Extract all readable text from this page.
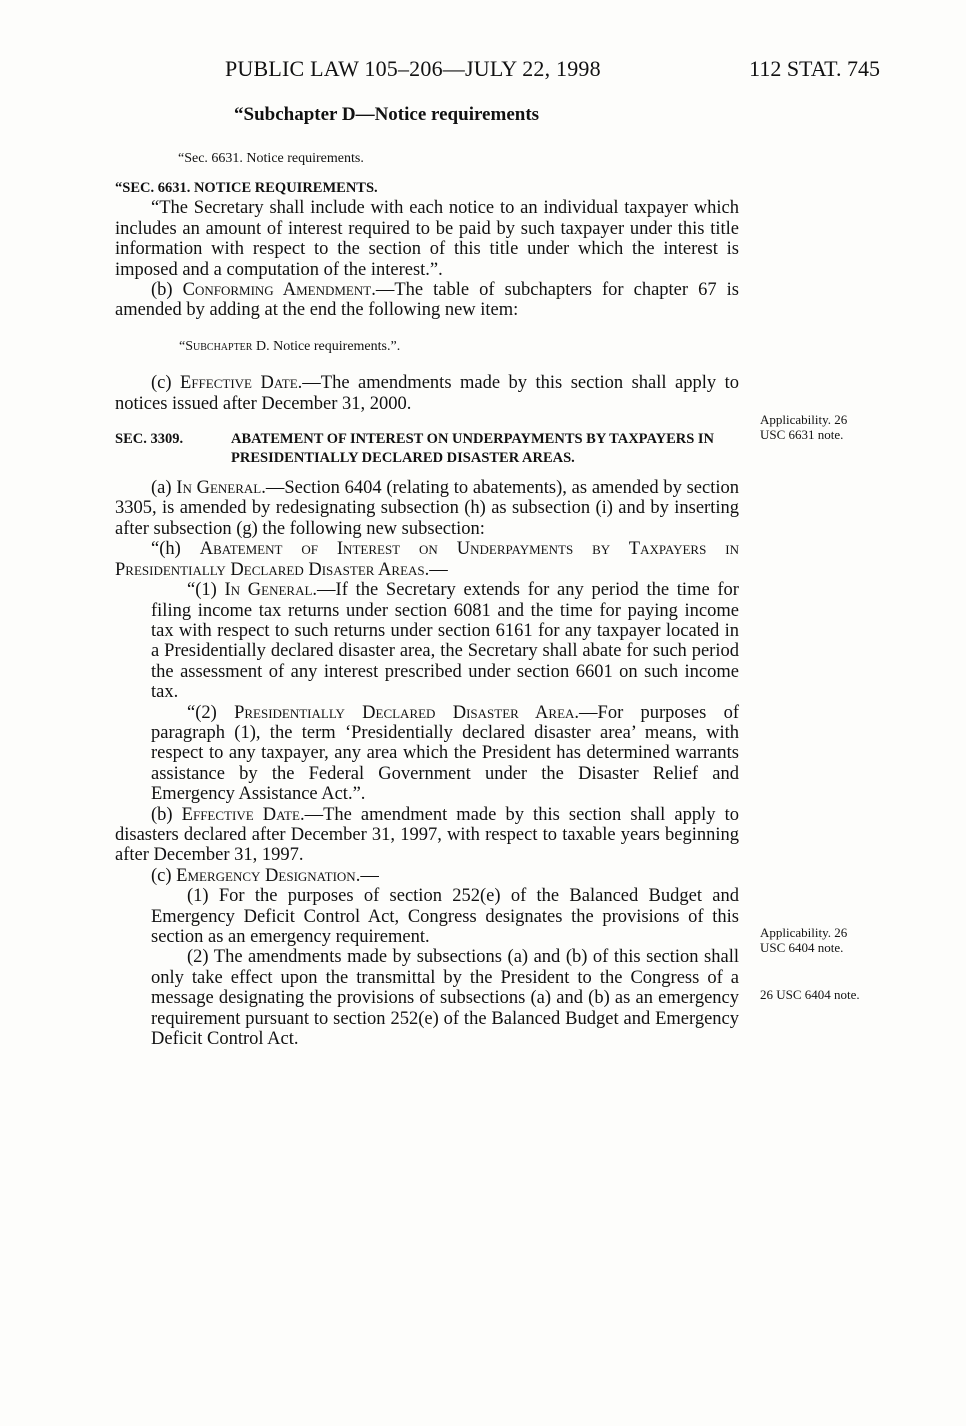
PUBLIC LAW 105–206—JULY 22, 1998	112 STAT. 745
“Subchapter D—Notice requirements
“Sec. 6631. Notice requirements.

“SEC. 6631. NOTICE REQUIREMENTS.

“The Secretary shall include with each notice to an individual taxpayer which includes an amount of interest required to be paid by such taxpayer under this title information with respect to the section of this title under which the interest is imposed and a computation of the interest.”.

(b) Conforming Amendment.—The table of subchapters for chapter 67 is amended by adding at the end the following new item:

“Subchapter D. Notice requirements.”.

(c) Effective Date.—The amendments made by this section shall apply to notices issued after December 31, 2000.

SEC. 3309.	ABATEMENT OF INTEREST ON UNDERPAYMENTS BY TAXPAYERS IN PRESIDENTIALLY DECLARED DISASTER AREAS.

(a) In General.—Section 6404 (relating to abatements), as amended by section 3305, is amended by redesignating subsection (h) as subsection (i) and by inserting after subsection (g) the following new subsection:

“(h) Abatement of Interest on Underpayments by Taxpayers in Presidentially Declared Disaster Areas.—

“(1) In General.—If the Secretary extends for any period the time for filing income tax returns under section 6081 and the time for paying income tax with respect to such returns under section 6161 for any taxpayer located in a Presidentially declared disaster area, the Secretary shall abate for such period the assessment of any interest prescribed under section 6601 on such income tax.

“(2) Presidentially Declared Disaster Area.—For purposes of paragraph (1), the term ‘Presidentially declared disaster area’ means, with respect to any taxpayer, any area which the President has determined warrants assistance by the Federal Government under the Disaster Relief and Emergency Assistance Act.”.

(b) Effective Date.—The amendment made by this section shall apply to disasters declared after December 31, 1997, with respect to taxable years beginning after December 31, 1997.

(c) Emergency Designation.—

(1) For the purposes of section 252(e) of the Balanced Budget and Emergency Deficit Control Act, Congress designates the provisions of this section as an emergency requirement.

(2) The amendments made by subsections (a) and (b) of this section shall only take effect upon the transmittal by the President to the Congress of a message designating the provisions of subsections (a) and (b) as an emergency requirement pursuant to section 252(e) of the Balanced Budget and Emergency Deficit Control Act.

Applicability. 26 USC 6631 note.
Applicability. 26 USC 6404 note.
26 USC 6404 note.
